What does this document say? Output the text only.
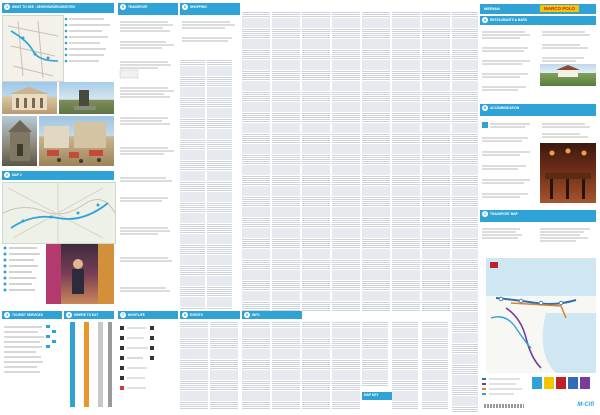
1 WHAT TO SEE - SEHENSWÜRDIGKEITEN
2 MAP 2
3 TOURIST SERVICES	4 WHERE TO EAT
5 TRANSPORT	6 SHOPPING
7 NIGHTLIFE	8 EVENTS	9 INFO
MAP KEY
MERIAN	MARCO POLO
A RESTAURANTS & BARS
B ACCOMMODATION
C TRANSPORT MAP
M-Cifi
